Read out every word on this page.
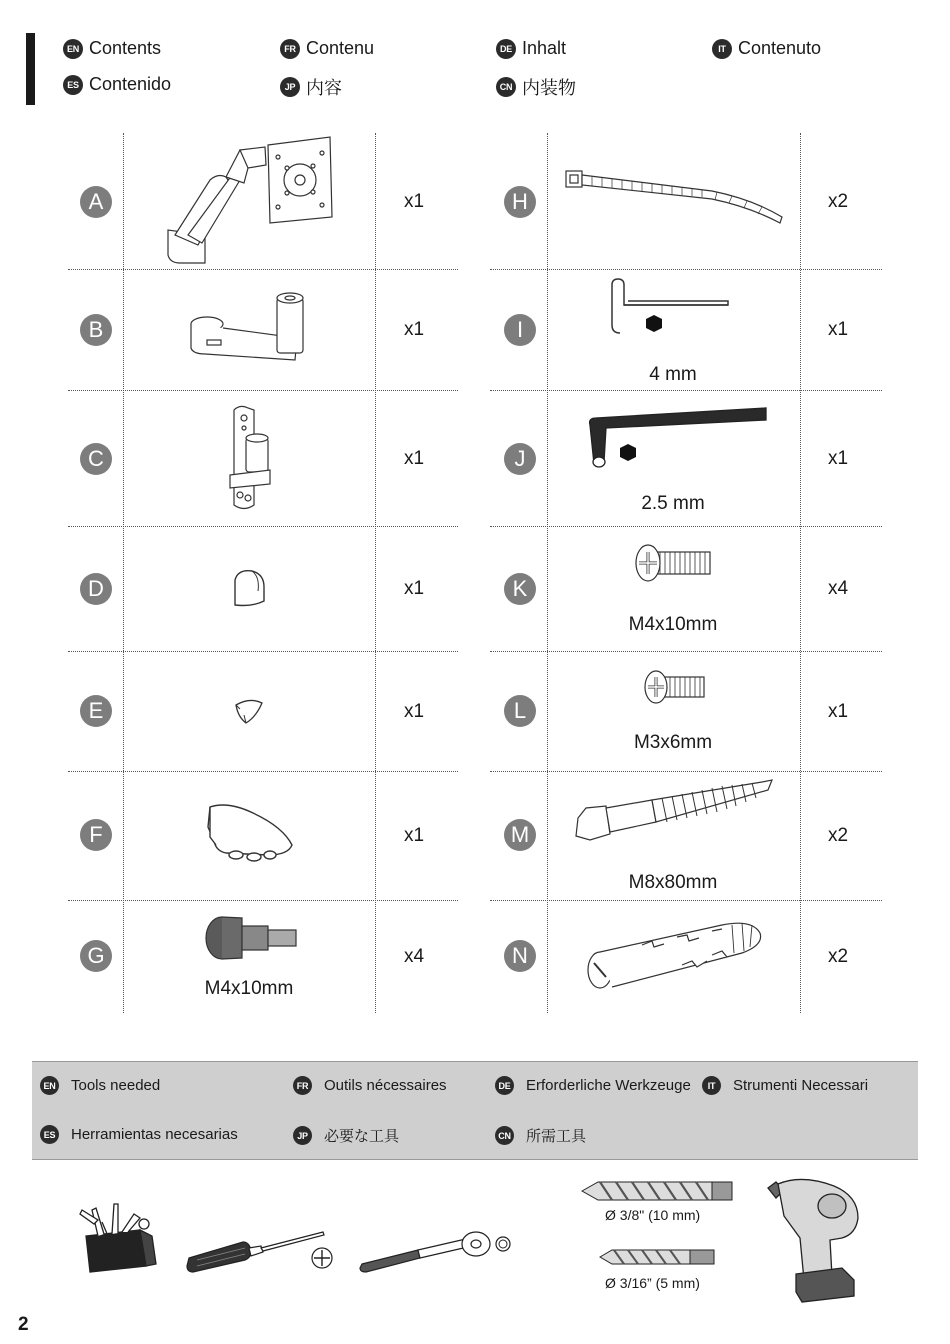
EN Contents	FR Contenu	DE Inhalt	IT Contenuto
ES Contenido	JP 内容	CN 内装物
A	x1
B	x1
C	x1
D	x1
E	x1
F	x1
G	x4
M4x10mm
H	x2
I	x1
4 mm
J	x1
2.5 mm
K	x4
M4x10mm
L	x1
M3x6mm
M	x2
M8x80mm
N	x2
EN Tools needed	FR Outils nécessaires	DE Erforderliche Werkzeuge	IT	Strumenti Necessari
ES Herramientas necesarias	JP 必要な工具	CN 所需工具
Ø 3/8" (10 mm)
Ø 3/16” (5 mm)
2
